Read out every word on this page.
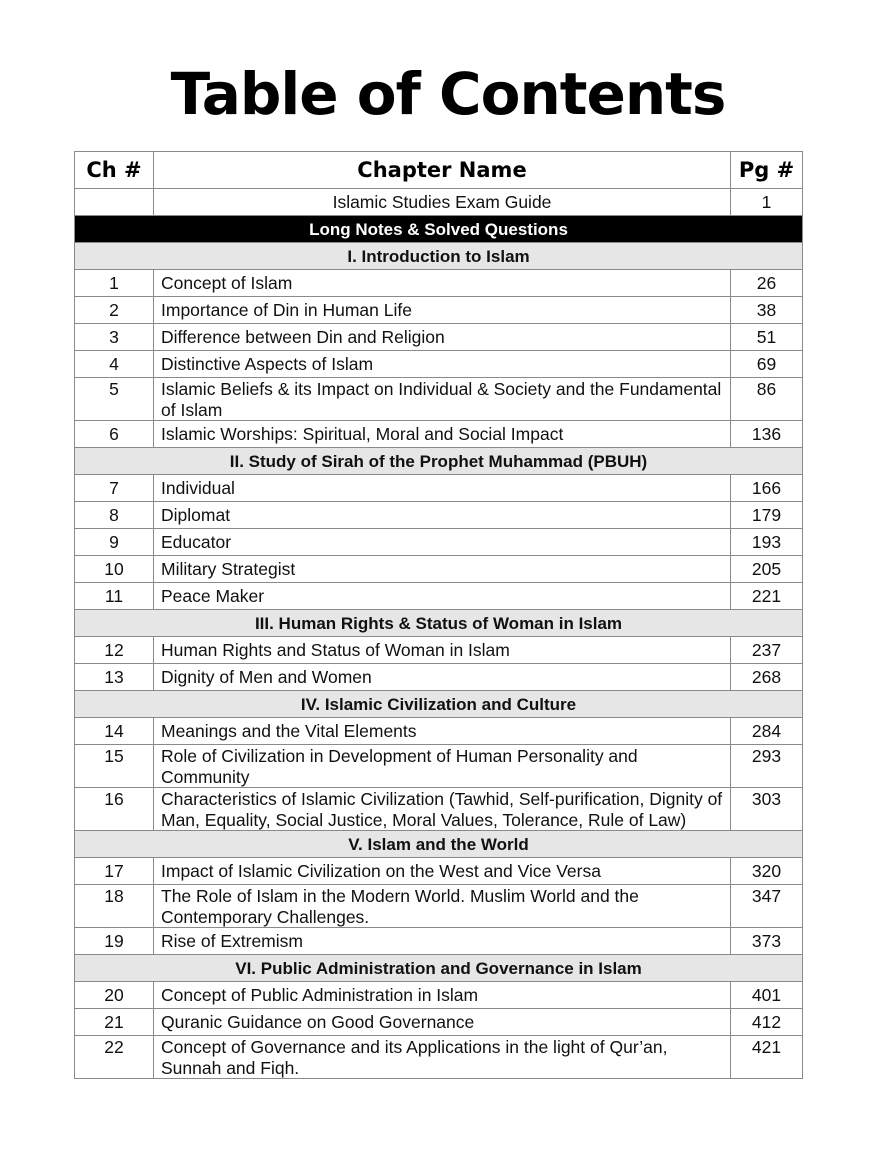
Table of Contents
Ch #	Chapter Name	Pg #
	Islamic Studies Exam Guide	1
Long Notes & Solved Questions		
I. Introduction to Islam		
1	Concept of Islam	26
2	Importance of Din in Human Life	38
3	Difference between Din and Religion	51
4	Distinctive Aspects of Islam	69
5	Islamic Beliefs & its Impact on Individual & Society and the Fundamental of Islam	86
6	Islamic Worships: Spiritual, Moral and Social Impact	136
II. Study of Sirah of the Prophet Muhammad (PBUH)		
7	Individual	166
8	Diplomat	179
9	Educator	193
10	Military Strategist	205
11	Peace Maker	221
III. Human Rights & Status of Woman in Islam		
12	Human Rights and Status of Woman in Islam	237
13	Dignity of Men and Women	268
IV. Islamic Civilization and Culture		
14	Meanings and the Vital Elements	284
15	Role of Civilization in Development of Human Personality and Community	293
16	Characteristics of Islamic Civilization (Tawhid, Self-purification, Dignity of Man, Equality, Social Justice, Moral Values, Tolerance, Rule of Law)	303
V. Islam and the World		
17	Impact of Islamic Civilization on the West and Vice Versa	320
18	The Role of Islam in the Modern World. Muslim World and the Contemporary Challenges.	347
19	Rise of Extremism	373
VI. Public Administration and Governance in Islam		
20	Concept of Public Administration in Islam	401
21	Quranic Guidance on Good Governance	412
22	Concept of Governance and its Applications in the light of Qur’an, Sunnah and Fiqh.	421
